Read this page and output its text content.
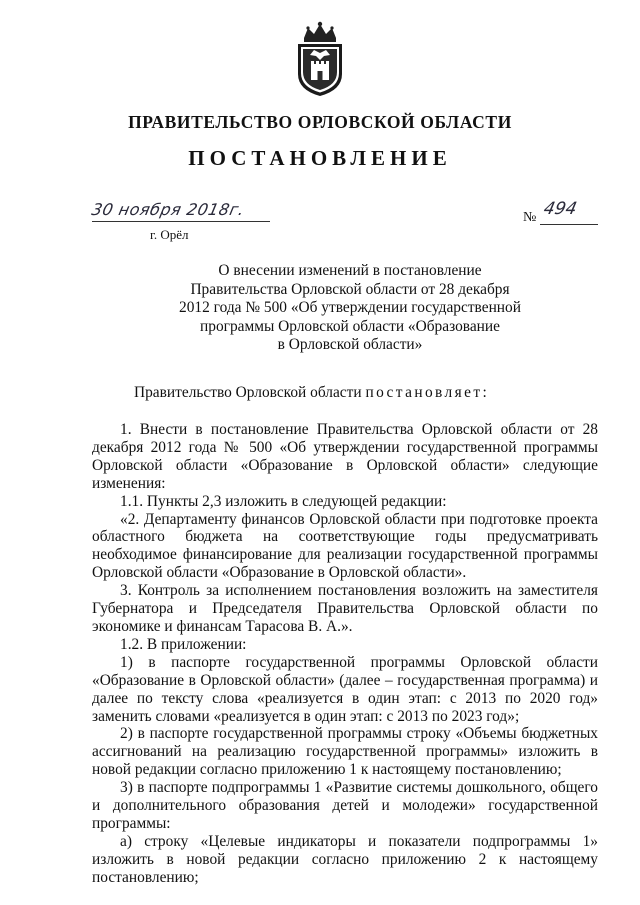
ПРАВИТЕЛЬСТВО ОРЛОВСКОЙ ОБЛАСТИ
ПОСТАНОВЛЕНИЕ
30 ноября 2018г.
г. Орёл
№ 494
О внесении изменений в постановление
Правительства Орловской области от 28 декабря
2012 года № 500 «Об утверждении государственной
программы Орловской области «Образование
в Орловской области»
Правительство Орловской области постановляет:

1. Внести в постановление Правительства Орловской области от 28 декабря 2012 года № 500 «Об утверждении государственной программы Орловской области «Образование в Орловской области» следующие изменения:

1.1. Пункты 2,3 изложить в следующей редакции:

«2. Департаменту финансов Орловской области при подготовке проекта областного бюджета на соответствующие годы предусматривать необходимое финансирование для реализации государственной программы Орловской области «Образование в Орловской области».

3. Контроль за исполнением постановления возложить на заместителя Губернатора и Председателя Правительства Орловской области по экономике и финансам Тарасова В. А.».

1.2. В приложении:

1) в паспорте государственной программы Орловской области «Образование в Орловской области» (далее – государственная программа) и далее по тексту слова «реализуется в один этап: с 2013 по 2020 год» заменить словами «реализуется в один этап: с 2013 по 2023 год»;

2) в паспорте государственной программы строку «Объемы бюджетных ассигнований на реализацию государственной программы» изложить в новой редакции согласно приложению 1 к настоящему постановлению;

3) в паспорте подпрограммы 1 «Развитие системы дошкольного, общего и дополнительного образования детей и молодежи» государственной программы:

а) строку «Целевые индикаторы и показатели подпрограммы 1» изложить в новой редакции согласно приложению 2 к настоящему постановлению;
